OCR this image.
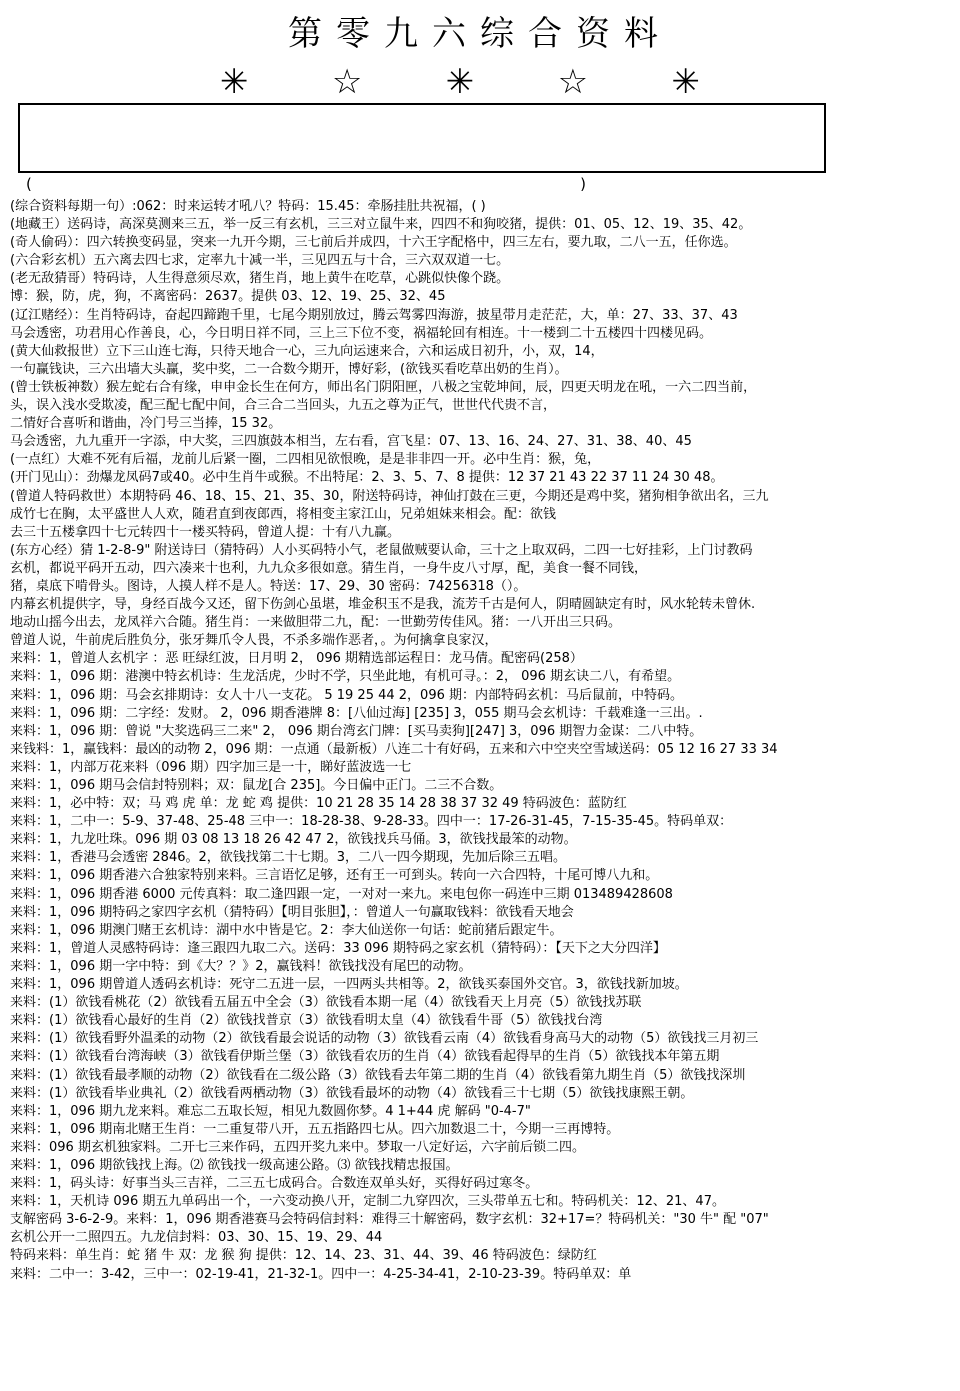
第零九六综合资料
✳ ☆ ✳ ☆ ✳
(	)
(综合资料每期一句）:062：时来运转才吼八？特码：15.45：牵肠挂肚共祝福，( )
(地藏王）送码诗，高深莫测来三五，举一反三有玄机，三三对立鼠牛来，四四不和狗咬猪，提供：01、05、12、19、35、42。
(奇人偷码）：四六转换变码显，突来一九开今期，三七前后并成四，十六王字配格中，四三左右，要九取，二八一五，任你选。
(六合彩玄机）五六离去四七求，定率九十减一半，三见四五与十合，三六双双道一七。
(老无敌猜哥）特码诗，人生得意须尽欢，猪生肖，地上黄牛在吃草，心跳似快像个跷。
博：猴，防，虎，狗，不离密码：2637。提供 03、12、19、25、32、45
(辽江赌经）：生肖特码诗，奋起四蹄跑千里，七尾今期别放过，腾云驾雾四海游，披星带月走茫茫，大，单：27、33、37、43
马会透密，功君用心作善良，心，今日明日祥不同，三上三下位不变，祸福轮回有相连。十一楼到二十五楼四十四楼见码。
(黄大仙救报世）立下三山连七海，只待天地合一心，三九向运速来合，六和运成日初升，小，双，14，
一句赢钱诀，三六出墙大头赢，奖中奖，二一合数今期开，博好彩，(欲钱买看吃草出奶的生肖）。
(曾士铁板神数）猴左蛇右合有缘，申申金长生在何方，师出名门阴阳匣，八极之宝乾坤间，辰，四更天明龙在吼，一六二四当前，
头，误入浅水受欺凌，配三配七配中间，合三合二当回头，九五之尊为正气，世世代代贵不言，
二情好合喜听和谐曲，冷门号三当捧，15 32。
马会透密，九九重开一字添，中大奖，三四旗鼓本相当，左右看，宫飞星：07、13、16、24、27、31、38、40、45
(一点红）大难不死有后福，龙前儿后紧一圈，二四相见欲恨晚，是是非非四一开。必中生肖：猴，兔，
(开门见山）：劲爆龙凤码7或40。必中生肖牛或猴。不出特尾：2、3、5、7、8 提供：12 37 21 43 22 37 11 24 30 48。
(曾道人特码救世）本期特码 46、18、15、21、35、30，附送特码诗，神仙打鼓在三更，今期还是鸡中奖，猪狗相争欲出名，三九
成竹七在胸，太平盛世人人欢，随君直到夜郎西，将相变主家江山，兄弟姐妹来相会。配：欲钱
去三十五楼拿四十七元转四十一楼买特码，曾道人提：十有八九赢。
(东方心经）猜 1-2-8-9" 附送诗曰（猜特码）人小买码特小气，老鼠做贼要认命，三十之上取双码，二四一七好挂彩，上门讨教码
玄机，都说平码开五动，四六凑来十也利，九九众多很如意。猜生肖，一身牛皮八寸厚，配，美食一餐不同钱，
猪，桌底下啃骨头。图诗，人摸人样不是人。特送：17、29、30 密码：74256318（）。
内幕玄机提供字，导，身经百战今又还，留下伤剑心虽堪，堆金积玉不是我，流芳千古是何人，阴晴圆缺定有时，风水轮转未曾休.
地动山摇今出去，龙凤祥六合随。猪生肖：一来做胆带二九，配：一世勤劳传佳风。猪：一八开出三只码。
曾道人说，牛前虎后胜负分，张牙舞爪令人畏，不杀多端作恶者，。为何擒拿良家汉，
来料：1，曾道人玄机字 ：恶 旺绿红波，日月明 2， 096 期精选部运程日：龙马倩。配密码(258）
来料：1，096 期：港澳中特玄机诗：生龙活虎，少时不学，只坐此地，有机可寻。：2， 096 期玄诀二八，有希望。
来料：1，096 期：马会玄排期诗：女人十八一支花。 5 19 25 44 2，096 期：内部特码玄机：马后鼠前，中特码。
来料：1，096 期：二字经：发财。 2，096 期香港牌 8：[八仙过海] [235] 3，055 期马会玄机诗：千载难逢一三出。.
来料：1，096 期：曾说 "大奖选码三二来" 2， 096 期台湾玄门牌：[买马卖狗][247] 3，096 期智力金谋：二八中特。
来钱料：1，赢钱料：最凶的动物 2，096 期：一点通（最新板）八连二十有好码，五来和六中空夹空雪域送码：05 12 16 27 33 34
来料：1，内部万花来料（096 期）四字加三是一十，睇好蓝波选一七
来料：1，096 期马会信封特别料；双：鼠龙[合 235]。今日偏中正门。二三不合数。
来料：1，必中特：双；马 鸡 虎 单：龙 蛇 鸡 提供：10 21 28 35 14 28 38 37 32 49 特码波色：蓝防红
来料：1，二中一：5-9、37-48、25-48 三中一：18-28-38、9-28-33。四中一：17-26-31-45，7-15-35-45。特码单双：
来料：1，九龙吐珠。096 期 03 08 13 18 26 42 47 2，欲钱找兵马俑。3，欲钱找最笨的动物。
来料：1，香港马会透密 2846。2，欲钱找第二十七期。3，二八一四今期现，先加后除三五唱。
来料：1，096 期香港六合独家特别来料。三言语忆足够，还有王一可到头。转向一六合四特，十尾可博八九和。
来料：1，096 期香港 6000 元传真料：取二逢四跟一定，一对对一来九。来电包你一码连中三期 013489428608
来料：1，096 期特码之家四字玄机（猜特码）【明目张胆】，：曾道人一句赢取钱料：欲钱看天地会
来料：1，096 期澳门赌王玄机诗：湖中水中皆是它。2：李大仙送你一句话：蛇前猪后跟定牛。
来料：1，曾道人灵感特码诗：逢三跟四九取二六。送码：33 096 期特码之家玄机（猜特码）：【天下之大分四洋】
来料：1，096 期一字中特：到《大？？》2，赢钱料！欲钱找没有尾巴的动物。
来料：1，096 期曾道人透码玄机诗：死守二五进一层，一四两头共相等。2，欲钱买泰国外交官。3，欲钱找新加坡。
来料：(1）欲钱看桃花（2）欲钱看五届五中全会（3）欲钱看本期一尾（4）欲钱看天上月亮（5）欲钱找苏联
来料：(1）欲钱看心最好的生肖（2）欲钱找普京（3）欲钱看明太皇（4）欲钱看牛哥（5）欲钱找台湾
来料：(1）欲钱看野外温柔的动物（2）欲钱看最会说话的动物（3）欲钱看云南（4）欲钱看身高马大的动物（5）欲钱找三月初三
来料：(1）欲钱看台湾海峡（3）欲钱看伊斯兰堡（3）欲钱看农历的生肖（4）欲钱看起得早的生肖（5）欲钱找本年第五期
来料：(1）欲钱看最孝顺的动物（2）欲钱看在二级公路（3）欲钱看去年第二期的生肖（4）欲钱看第九期生肖（5）欲钱找深圳
来料：(1）欲钱看毕业典礼（2）欲钱看两栖动物（3）欲钱看最坏的动物（4）欲钱看三十七期（5）欲钱找康熙王朝。
来料：1，096 期九龙来料。难忘二五取长短，相见九数圆你梦。4 1+44 虎 解码 "0-4-7"
来料：1，096 期南北赌王生肖：一二重复带八开，五五指路四七从。四六加数退二十，今期一三再博特。
来料：096 期玄机独家料。二开七三来作码，五四开奖九来中。梦取一八定好运，六字前后锁二四。
来料：1，096 期欲钱找上海。⑵ 欲钱找一级高速公路。⑶ 欲钱找精忠报国。
来料：1，码头诗：好事当头三吉祥，二三五七成码合。合数连双单头好，买得好码过寒冬。
来料：1，天机诗 096 期五九单码出一个，一六变动换八开，定制二九穿四次，三头带单五七和。特码机关：12、21、47。
支解密码 3-6-2-9。来料：1，096 期香港赛马会特码信封料：难得三十解密码，数字玄机：32+17=？特码机关："30 牛" 配 "07"
玄机公开一二照四五。九龙信封料：03、30、15、19、29、44
特码来料：单生肖：蛇 猪 牛 双：龙 猴 狗 提供：12、14、23、31、44、39、46 特码波色：绿防红
来料：二中一：3-42，三中一：02-19-41，21-32-1。四中一：4-25-34-41，2-10-23-39。特码单双：单
